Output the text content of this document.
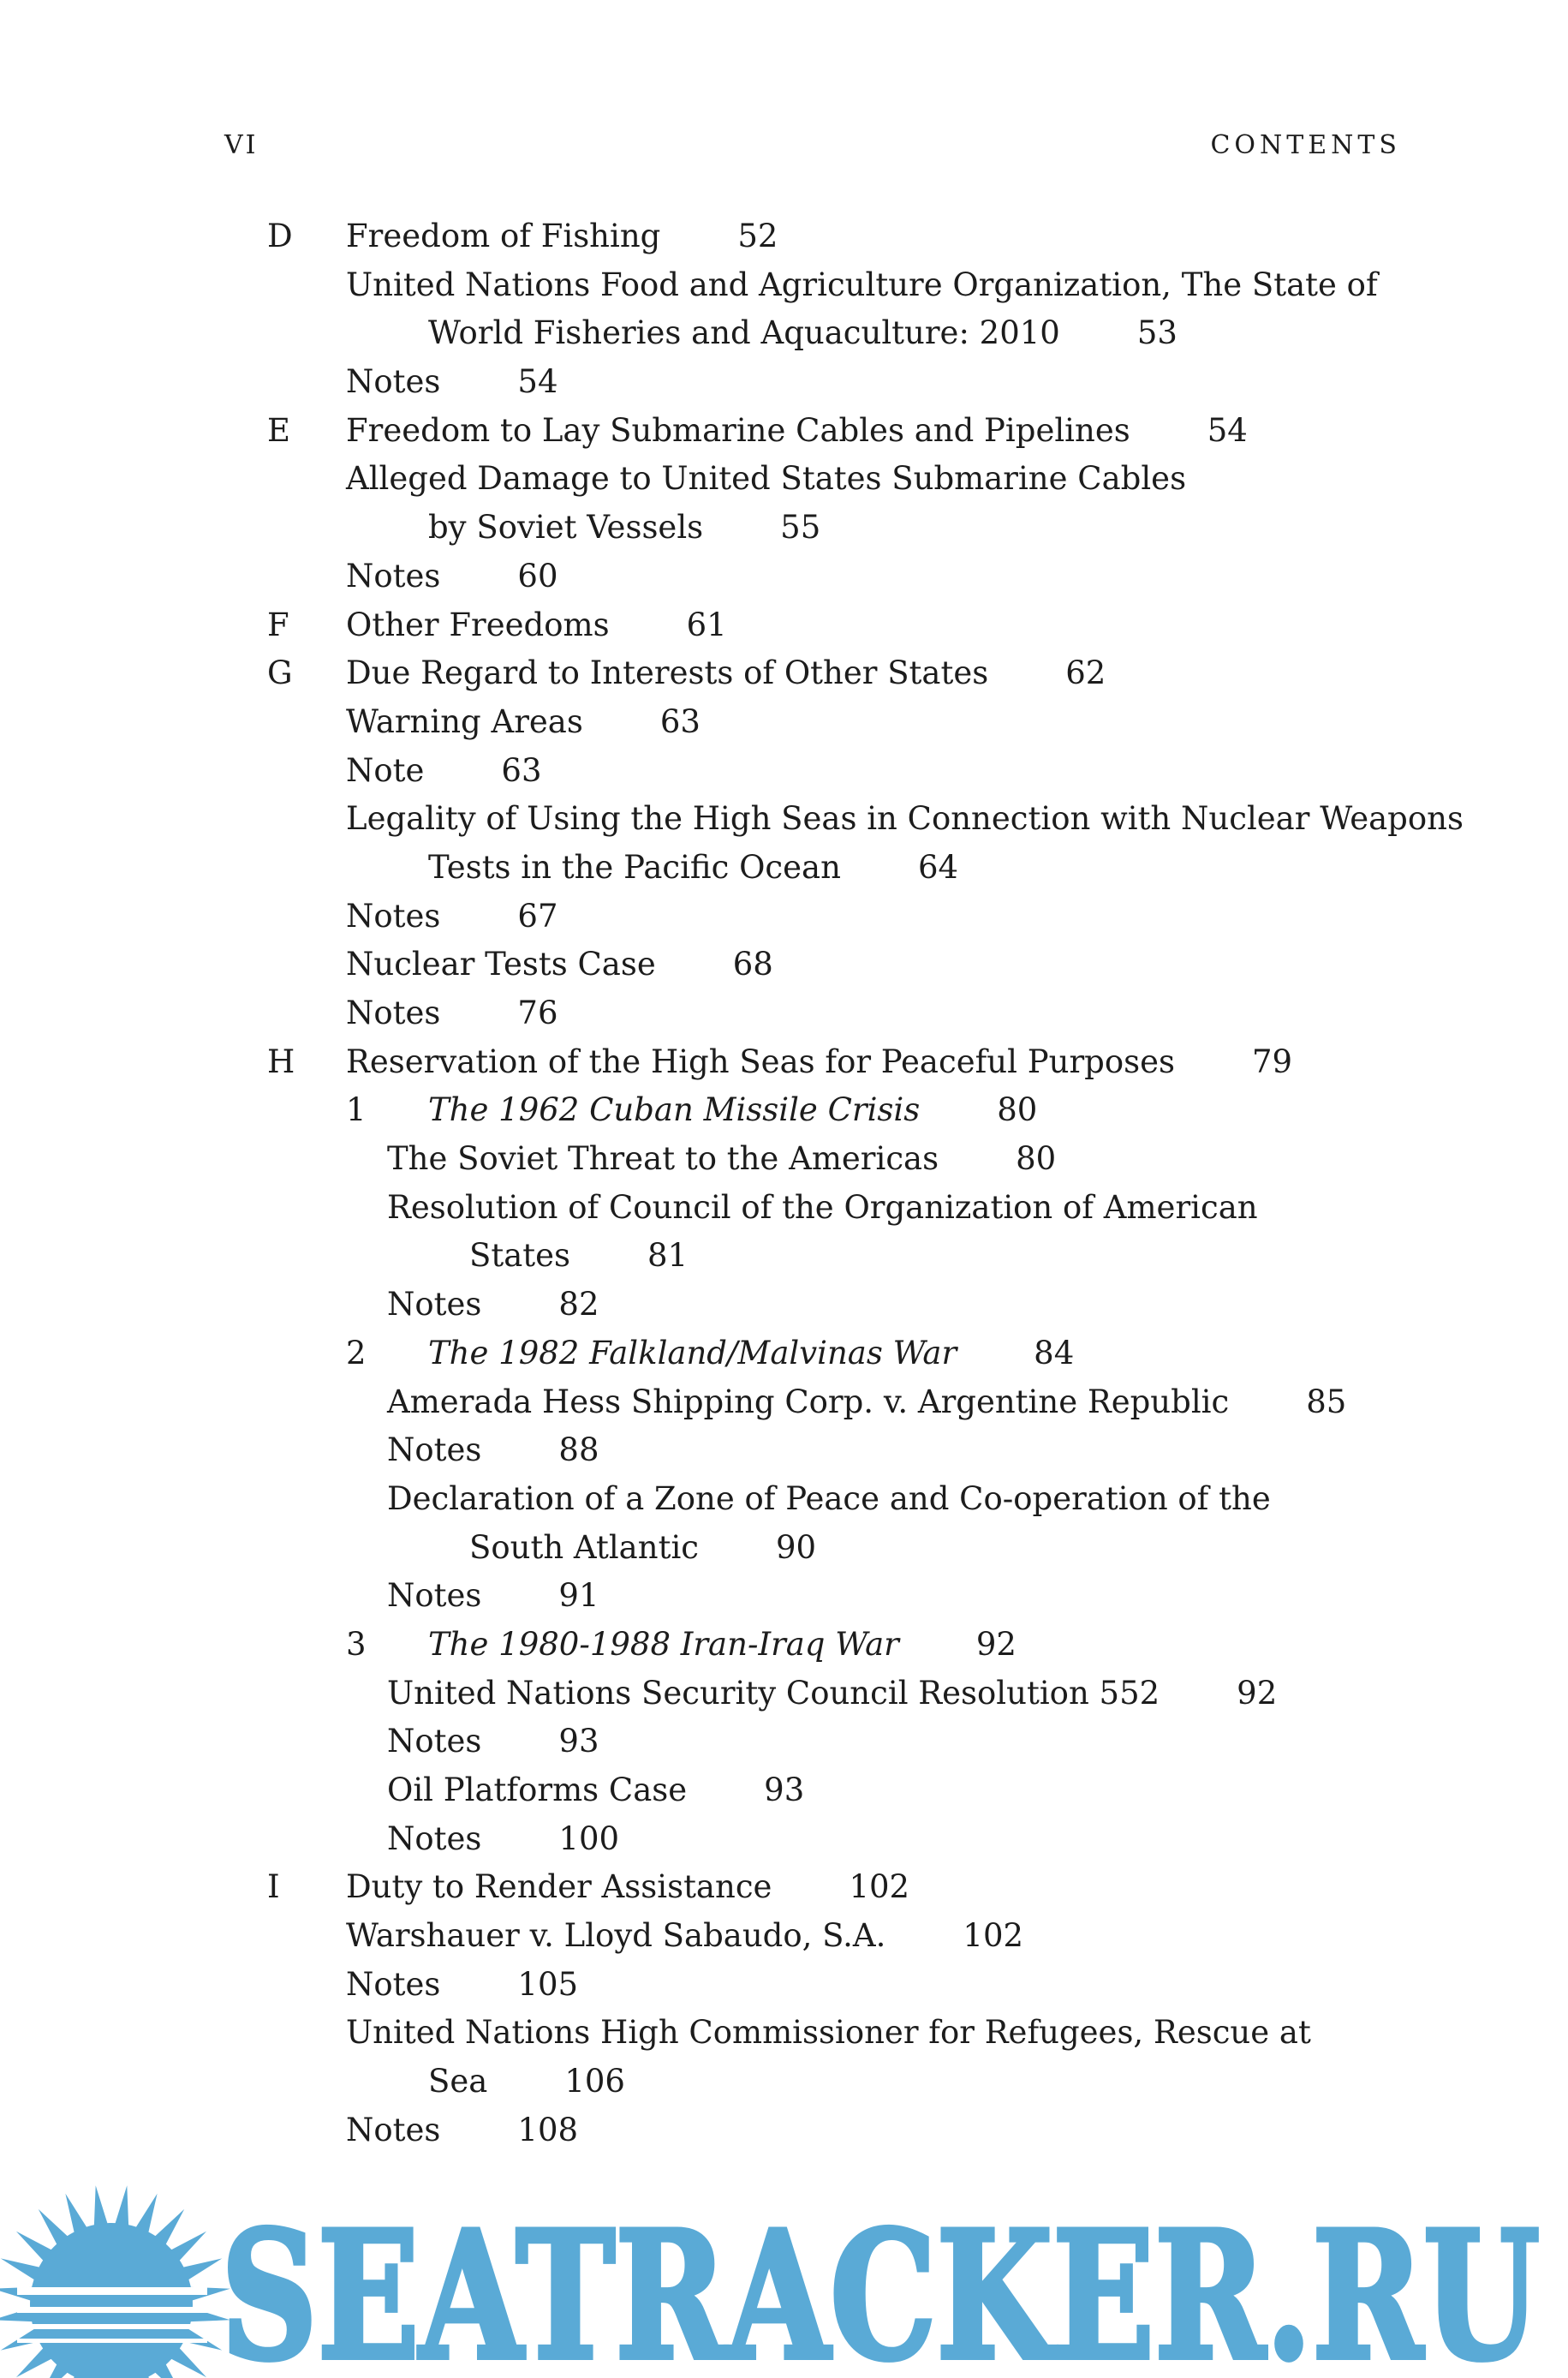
VI	CONTENTS
D Freedom of Fishing 52
United Nations Food and Agriculture Organization, The State of
World Fisheries and Aquaculture: 2010 53
Notes 54
E Freedom to Lay Submarine Cables and Pipelines 54
Alleged Damage to United States Submarine Cables
by Soviet Vessels 55
Notes 60
F Other Freedoms 61
G Due Regard to Interests of Other States 62
Warning Areas 63
Note 63
Legality of Using the High Seas in Connection with Nuclear Weapons
Tests in the Pacific Ocean 64
Notes 67
Nuclear Tests Case 68
Notes 76
H Reservation of the High Seas for Peaceful Purposes 79
1 The 1962 Cuban Missile Crisis 80
The Soviet Threat to the Americas 80
Resolution of Council of the Organization of American
States 81
Notes 82
2 The 1982 Falkland/Malvinas War 84
Amerada Hess Shipping Corp. v. Argentine Republic 85
Notes 88
Declaration of a Zone of Peace and Co-operation of the
South Atlantic 90
Notes 91
3 The 1980-1988 Iran-Iraq War 92
United Nations Security Council Resolution 552 92
Notes 93
Oil Platforms Case 93
Notes 100
I Duty to Render Assistance 102
Warshauer v. Lloyd Sabaudo, S.A. 102
Notes 105
United Nations High Commissioner for Refugees, Rescue at
Sea 106
Notes 108
SEATRACKER.RU
